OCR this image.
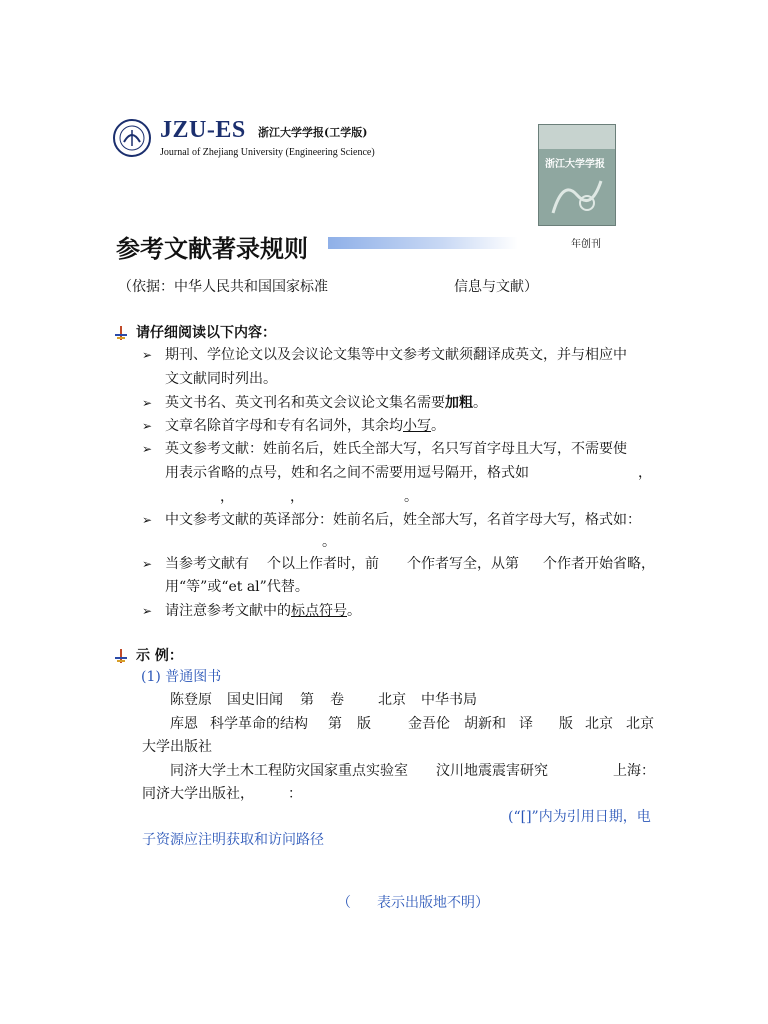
JZU-ES 浙江大学学报(工学版)
Journal of Zhejiang University (Engineering Science)
浙江大学学报
年创刊
参考文献著录规则
（依据：中华人民共和国国家标准	信息与文献）
请仔细阅读以下内容：
➢ 期刊、学位论文以及会议论文集等中文参考文献须翻译成英文，并与相应中
文文献同时列出。
➢ 英文书名、英文刊名和英文会议论文集名需要加粗。
➢ 文章名除首字母和专有名词外，其余均小写。
➢ 英文参考文献：姓前名后，姓氏全部大写，名只写首字母且大写，不需要使
用表示省略的点号，姓和名之间不需要用逗号隔开，格式如	，
，	，	。
➢ 中文参考文献的英译部分：姓前名后，姓全部大写，名首字母大写，格式如：
。
➢ 当参考文献有 个以上作者时，前 个作者写全，从第 个作者开始省略，
用“等”或“et al”代替。
➢ 请注意参考文献中的标点符号。
示 例：
(1) 普通图书
陈登原 国史旧闻 第 卷 北京 中华书局
库恩 科学革命的结构 第 版	金吾伦 胡新和 译 版 北京 北京
大学出版社
同济大学土木工程防灾国家重点实验室 汶川地震震害研究	上海：
同济大学出版社， ：
(“[]”内为引用日期，电
子资源应注明获取和访问路径
（ 表示出版地不明）
